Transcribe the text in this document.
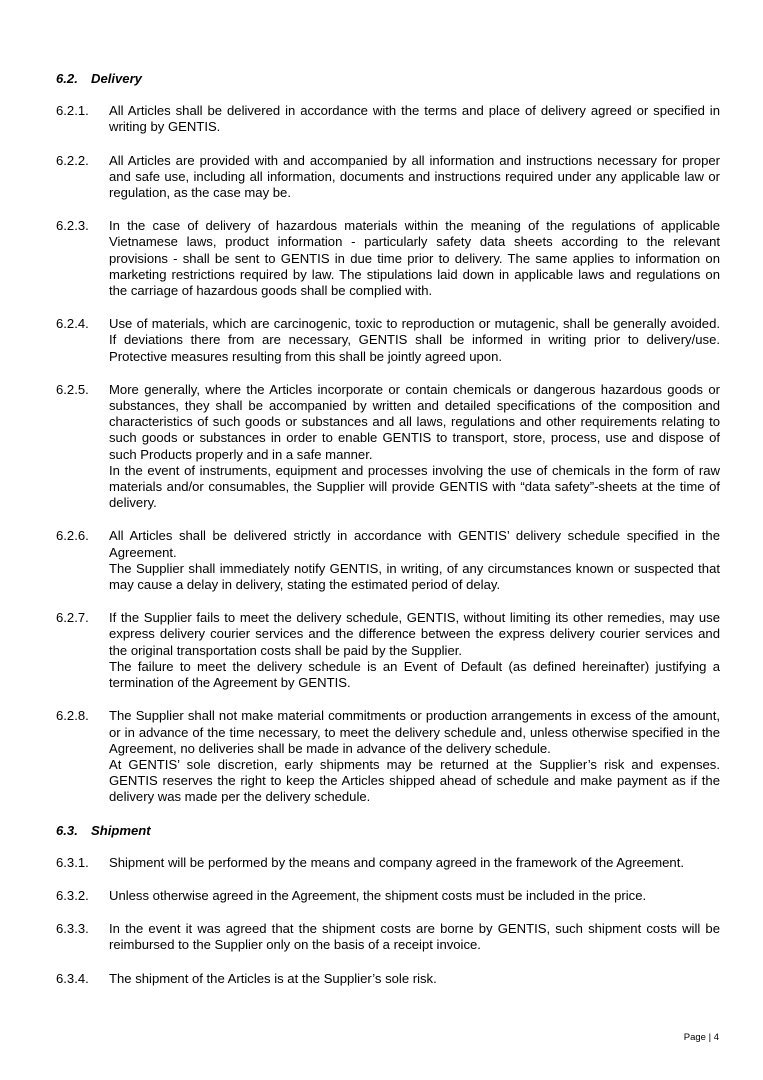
6.2.	Delivery
6.2.1.	All Articles shall be delivered in accordance with the terms and place of delivery agreed or specified in writing by GENTIS.

6.2.2.	All Articles are provided with and accompanied by all information and instructions necessary for proper and safe use, including all information, documents and instructions required under any applicable law or regulation, as the case may be.

6.2.3.	In the case of delivery of hazardous materials within the meaning of the regulations of applicable Vietnamese laws, product information - particularly safety data sheets according to the relevant provisions - shall be sent to GENTIS in due time prior to delivery. The same applies to information on marketing restrictions required by law. The stipulations laid down in applicable laws and regulations on the carriage of hazardous goods shall be complied with.

6.2.4.	Use of materials, which are carcinogenic, toxic to reproduction or mutagenic, shall be generally avoided. If deviations there from are necessary, GENTIS shall be informed in writing prior to delivery/use. Protective measures resulting from this shall be jointly agreed upon.

6.2.5.	More generally, where the Articles incorporate or contain chemicals or dangerous hazardous goods or substances, they shall be accompanied by written and detailed specifications of the composition and characteristics of such goods or substances and all laws, regulations and other requirements relating to such goods or substances in order to enable GENTIS to transport, store, process, use and dispose of such Products properly and in a safe manner.

In the event of instruments, equipment and processes involving the use of chemicals in the form of raw materials and/or consumables, the Supplier will provide GENTIS with “data safety”-sheets at the time of delivery.

6.2.6.	All Articles shall be delivered strictly in accordance with GENTIS’ delivery schedule specified in the Agreement.

The Supplier shall immediately notify GENTIS, in writing, of any circumstances known or suspected that may cause a delay in delivery, stating the estimated period of delay.

6.2.7.	If the Supplier fails to meet the delivery schedule, GENTIS, without limiting its other remedies, may use express delivery courier services and the difference between the express delivery courier services and the original transportation costs shall be paid by the Supplier.

The failure to meet the delivery schedule is an Event of Default (as defined hereinafter) justifying a termination of the Agreement by GENTIS.

6.2.8.	The Supplier shall not make material commitments or production arrangements in excess of the amount, or in advance of the time necessary, to meet the delivery schedule and, unless otherwise specified in the Agreement, no deliveries shall be made in advance of the delivery schedule.

At GENTIS’ sole discretion, early shipments may be returned at the Supplier’s risk and expenses. GENTIS reserves the right to keep the Articles shipped ahead of schedule and make payment as if the delivery was made per the delivery schedule.

6.3.	Shipment
6.3.1.	Shipment will be performed by the means and company agreed in the framework of the Agreement.

6.3.2.	Unless otherwise agreed in the Agreement, the shipment costs must be included in the price.

6.3.3.	In the event it was agreed that the shipment costs are borne by GENTIS, such shipment costs will be reimbursed to the Supplier only on the basis of a receipt invoice.

6.3.4.	The shipment of the Articles is at the Supplier’s sole risk.

Page | 4
